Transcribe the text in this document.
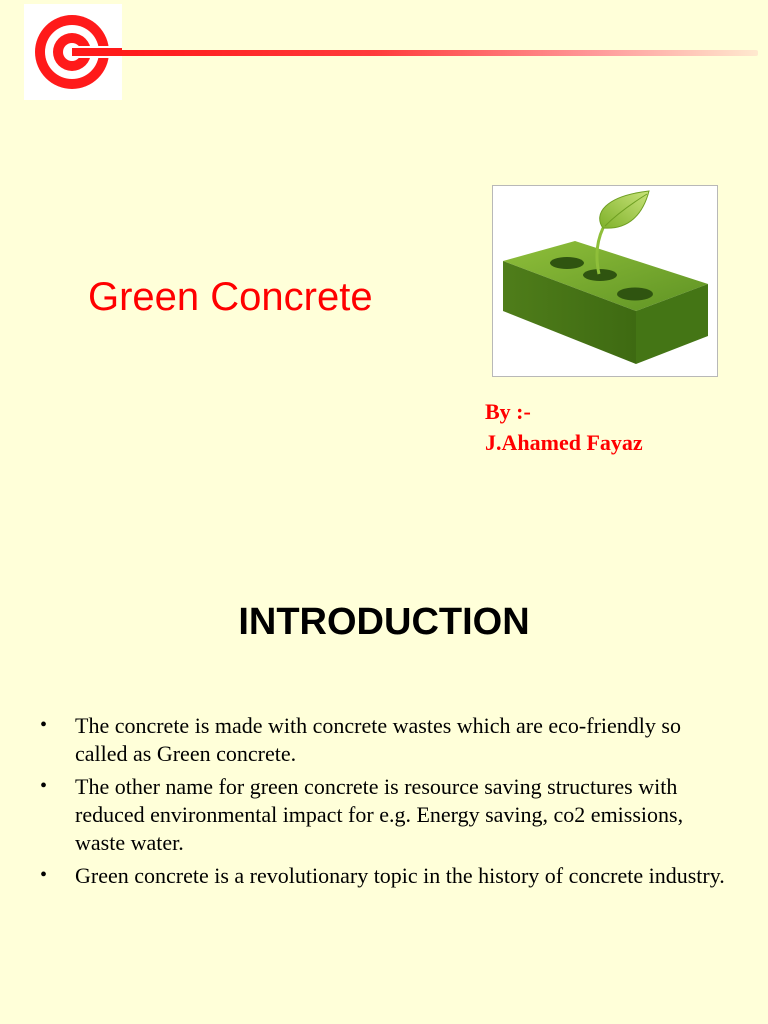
Green Concrete
By :-
J.Ahamed Fayaz
INTRODUCTION
• The concrete is made with concrete wastes which are eco-friendly so called as Green concrete.
• The other name for green concrete is resource saving structures with reduced environmental impact for e.g. Energy saving, co2 emissions, waste water.
• Green concrete is a revolutionary topic in the history of concrete industry.
